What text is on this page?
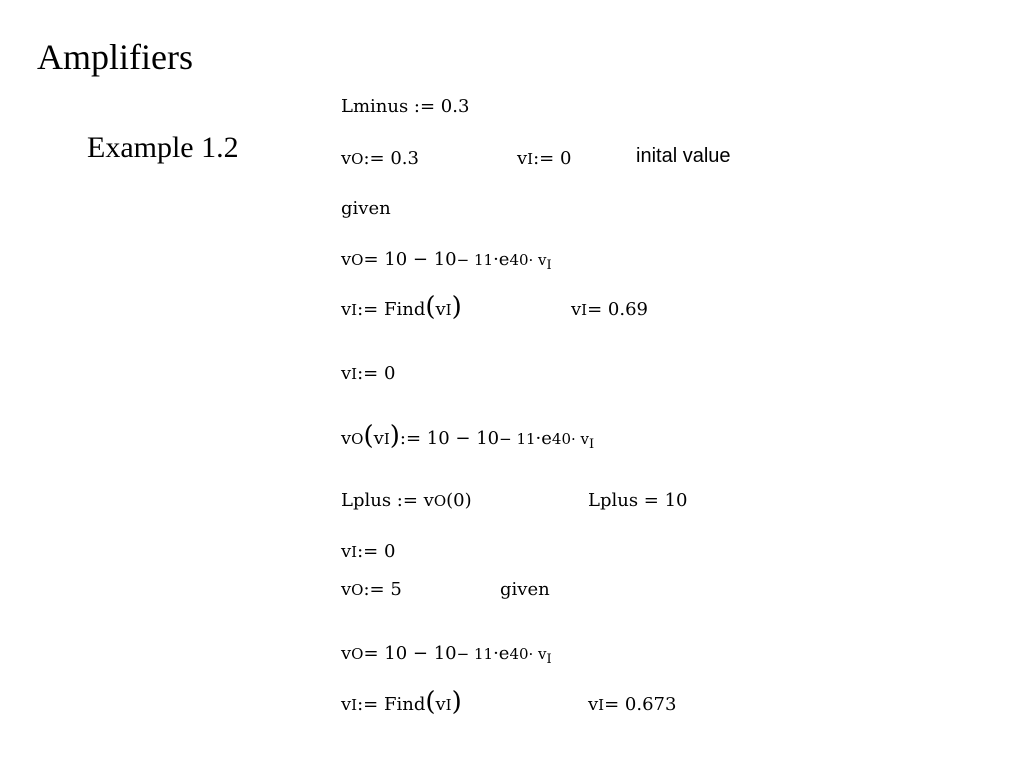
Amplifiers
Example 1.2
Lminus := 0.3
v O := 0.3	v I := 0	inital value
given
v O = 10 − 10 − 11 ·e $40\cdot v_I$
v I := Find ( v I )	v I = 0.69
v I := 0
v O ( v I ) := 10 − 10 − 11 ·e $40\cdot v_I$
Lplus := v O (0)	Lplus = 10
v I := 0
v O := 5	given
v O = 10 − 10 − 11 ·e $40\cdot v_I$
v I := Find ( v I )	v I = 0.673
